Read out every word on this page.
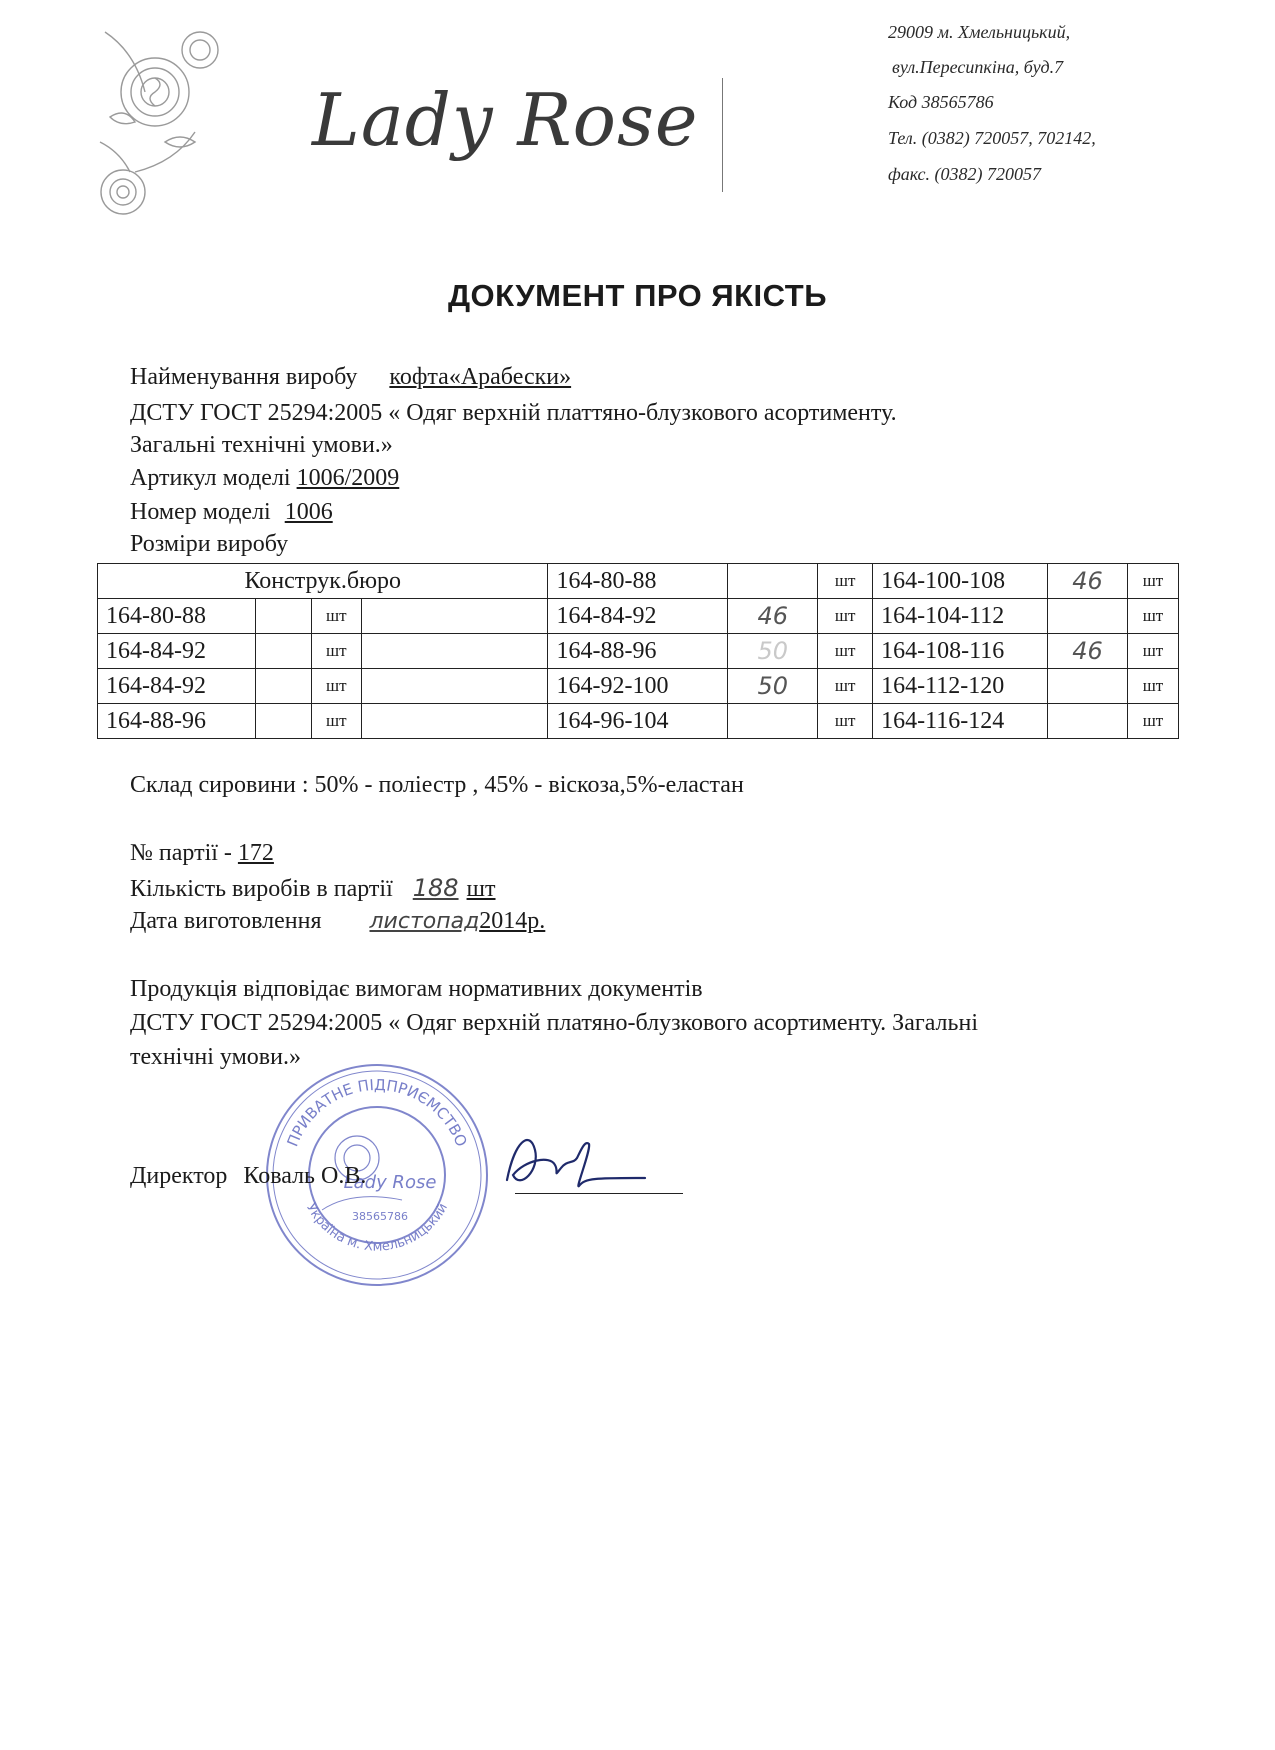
Lady Rose
29009 м. Хмельницький,
вул.Пересипкіна, буд.7
Код 38565786
Тел. (0382) 720057, 702142,
факс. (0382) 720057
ДОКУМЕНТ ПРО ЯКІСТЬ
Найменування виробу кофта«Арабески»
ДСТУ ГОСТ 25294:2005 « Одяг верхній платтяно-блузкового асортименту.
Загальні технічні умови.»
Артикул моделі 1006/2009
Номер моделі 1006
Розміри виробу
Конструк.бюро				164-80-88		шт	164-100-108	46	шт
164-80-88		шт		164-84-92	46	шт	164-104-112		шт
164-84-92		шт		164-88-96	50	шт	164-108-116	46	шт
164-84-92		шт		164-92-100	50	шт	164-112-120		шт
164-88-96		шт		164-96-104		шт	164-116-124		шт
Склад сировини : 50% - поліестр , 45% - віскоза,5%-еластан
№ партії - 172
Кількість виробів в партії 188 шт
Дата виготовлення листопад2014р.
Продукція відповідає вимогам нормативних документів
ДСТУ ГОСТ 25294:2005 « Одяг верхній платяно-блузкового асортименту. Загальні
технічні умови.»
ПРИВАТНЕ ПІДПРИЄМСТВО
Україна м. Хмельницький
Lady Rose
38565786
Директор Коваль О.В.
